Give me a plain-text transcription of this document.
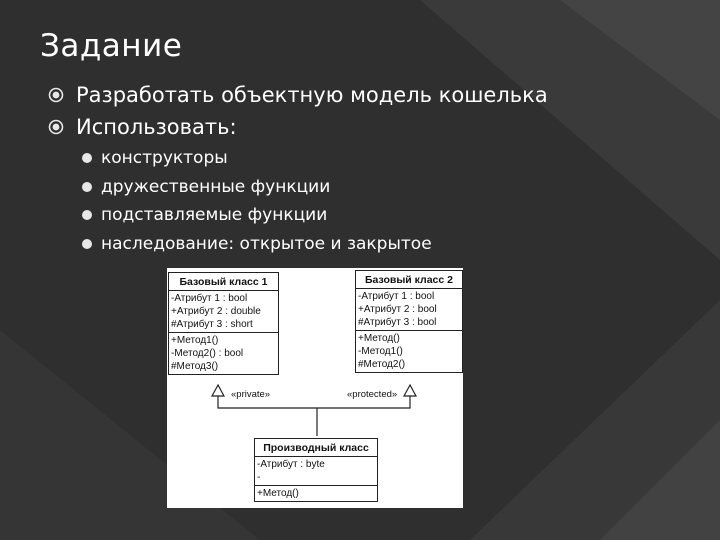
Задание
Разработать объектную модель кошелька
Использовать:
конструкторы
дружественные функции
подставляемые функции
наследование: открытое и закрытое
Базовый класс 1
-Атрибут 1 : bool
+Атрибут 2 : double
#Атрибут 3 : short
+Метод1()
-Метод2() : bool
#Метод3()
Базовый класс 2
-Атрибут 1 : bool
+Атрибут 2 : bool
#Атрибут 3 : bool
+Метод()
-Метод1()
#Метод2()
«private»	«protected»
Производный класс
-Атрибут : byte
-
+Метод()
